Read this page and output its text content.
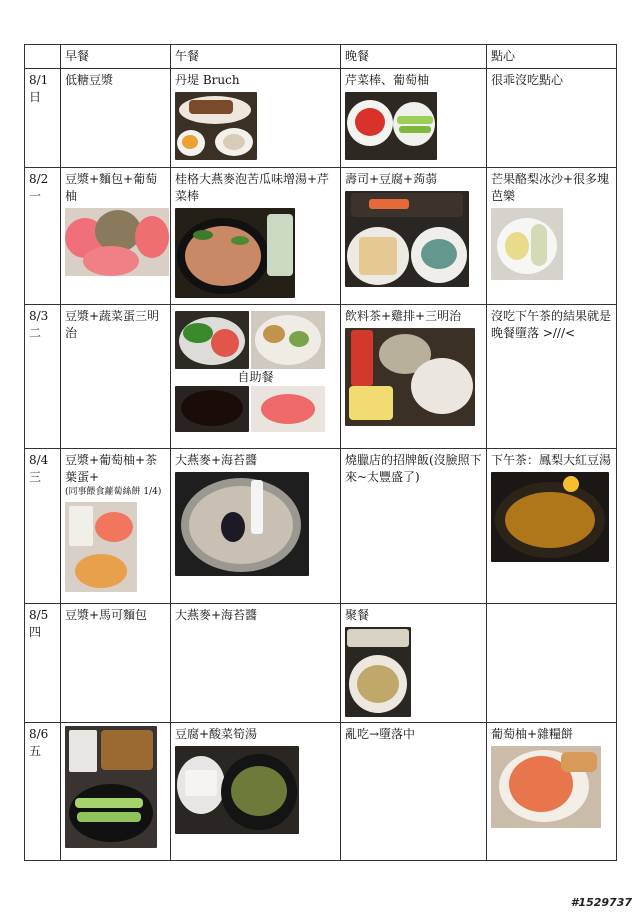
	早餐	午餐	晚餐	點心
8/1
日	低糖豆漿	丹堤 Bruch	芹菜棒、葡萄柚	很乖沒吃點心

8/2
一	豆漿+麵包+葡萄柚	桂格大燕麥泡苦瓜味增湯+芹菜棒	壽司+豆腐+蒟蒻	芒果酪梨冰沙+很多塊芭樂

8/3
二	豆漿+蔬菜蛋三明治	自助餐	飲料茶+雞排+三明治	沒吃下午茶的結果就是晚餐墮落 >///<

8/4
三	豆漿+葡萄柚+茶葉蛋+
(同事餵食蘿蔔絲餅 1/4)	大燕麥+海苔醬	燒臘店的招牌飯(沒臉照下來~太豐盛了)	下午茶：鳳梨大紅豆湯

8/5
四	豆漿+馬可麵包	大燕麥+海苔醬	聚餐	

8/6
五		豆腐+酸菜筍湯	亂吃→墮落中	葡萄柚+雜糧餅
#1529737
